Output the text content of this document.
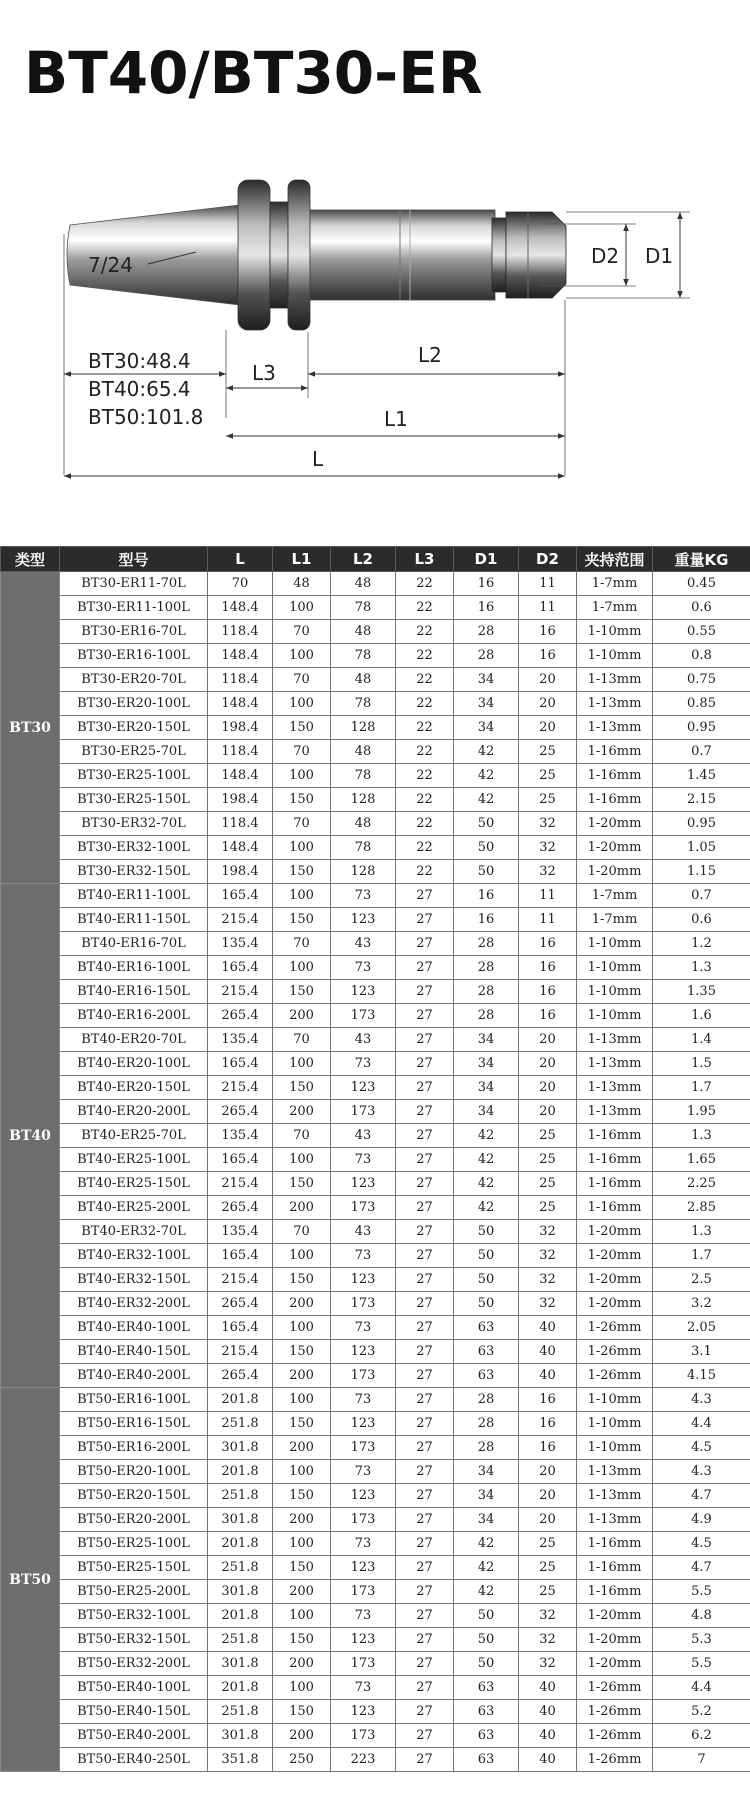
BT40/BT30-ER
7/24	D2 D1
L2
L3
L1
L
BT30:48.4
BT40:65.4
BT50:101.8
类型	型号	L	L1	L2	L3	D1	D2	夹持范围	重量KG
BT30	BT30-ER11-70L	70	48	48	22	16	11	1-7mm	0.45
	BT30-ER11-100L	148.4	100	78	22	16	11	1-7mm	0.6
	BT30-ER16-70L	118.4	70	48	22	28	16	1-10mm	0.55
	BT30-ER16-100L	148.4	100	78	22	28	16	1-10mm	0.8
	BT30-ER20-70L	118.4	70	48	22	34	20	1-13mm	0.75
	BT30-ER20-100L	148.4	100	78	22	34	20	1-13mm	0.85
	BT30-ER20-150L	198.4	150	128	22	34	20	1-13mm	0.95
	BT30-ER25-70L	118.4	70	48	22	42	25	1-16mm	0.7
	BT30-ER25-100L	148.4	100	78	22	42	25	1-16mm	1.45
	BT30-ER25-150L	198.4	150	128	22	42	25	1-16mm	2.15
	BT30-ER32-70L	118.4	70	48	22	50	32	1-20mm	0.95
	BT30-ER32-100L	148.4	100	78	22	50	32	1-20mm	1.05
	BT30-ER32-150L	198.4	150	128	22	50	32	1-20mm	1.15
BT40	BT40-ER11-100L	165.4	100	73	27	16	11	1-7mm	0.7
	BT40-ER11-150L	215.4	150	123	27	16	11	1-7mm	0.6
	BT40-ER16-70L	135.4	70	43	27	28	16	1-10mm	1.2
	BT40-ER16-100L	165.4	100	73	27	28	16	1-10mm	1.3
	BT40-ER16-150L	215.4	150	123	27	28	16	1-10mm	1.35
	BT40-ER16-200L	265.4	200	173	27	28	16	1-10mm	1.6
	BT40-ER20-70L	135.4	70	43	27	34	20	1-13mm	1.4
	BT40-ER20-100L	165.4	100	73	27	34	20	1-13mm	1.5
	BT40-ER20-150L	215.4	150	123	27	34	20	1-13mm	1.7
	BT40-ER20-200L	265.4	200	173	27	34	20	1-13mm	1.95
	BT40-ER25-70L	135.4	70	43	27	42	25	1-16mm	1.3
	BT40-ER25-100L	165.4	100	73	27	42	25	1-16mm	1.65
	BT40-ER25-150L	215.4	150	123	27	42	25	1-16mm	2.25
	BT40-ER25-200L	265.4	200	173	27	42	25	1-16mm	2.85
	BT40-ER32-70L	135.4	70	43	27	50	32	1-20mm	1.3
	BT40-ER32-100L	165.4	100	73	27	50	32	1-20mm	1.7
	BT40-ER32-150L	215.4	150	123	27	50	32	1-20mm	2.5
	BT40-ER32-200L	265.4	200	173	27	50	32	1-20mm	3.2
	BT40-ER40-100L	165.4	100	73	27	63	40	1-26mm	2.05
	BT40-ER40-150L	215.4	150	123	27	63	40	1-26mm	3.1
	BT40-ER40-200L	265.4	200	173	27	63	40	1-26mm	4.15
BT50	BT50-ER16-100L	201.8	100	73	27	28	16	1-10mm	4.3
	BT50-ER16-150L	251.8	150	123	27	28	16	1-10mm	4.4
	BT50-ER16-200L	301.8	200	173	27	28	16	1-10mm	4.5
	BT50-ER20-100L	201.8	100	73	27	34	20	1-13mm	4.3
	BT50-ER20-150L	251.8	150	123	27	34	20	1-13mm	4.7
	BT50-ER20-200L	301.8	200	173	27	34	20	1-13mm	4.9
	BT50-ER25-100L	201.8	100	73	27	42	25	1-16mm	4.5
	BT50-ER25-150L	251.8	150	123	27	42	25	1-16mm	4.7
	BT50-ER25-200L	301.8	200	173	27	42	25	1-16mm	5.5
	BT50-ER32-100L	201.8	100	73	27	50	32	1-20mm	4.8
	BT50-ER32-150L	251.8	150	123	27	50	32	1-20mm	5.3
	BT50-ER32-200L	301.8	200	173	27	50	32	1-20mm	5.5
	BT50-ER40-100L	201.8	100	73	27	63	40	1-26mm	4.4
	BT50-ER40-150L	251.8	150	123	27	63	40	1-26mm	5.2
	BT50-ER40-200L	301.8	200	173	27	63	40	1-26mm	6.2
	BT50-ER40-250L	351.8	250	223	27	63	40	1-26mm	7
